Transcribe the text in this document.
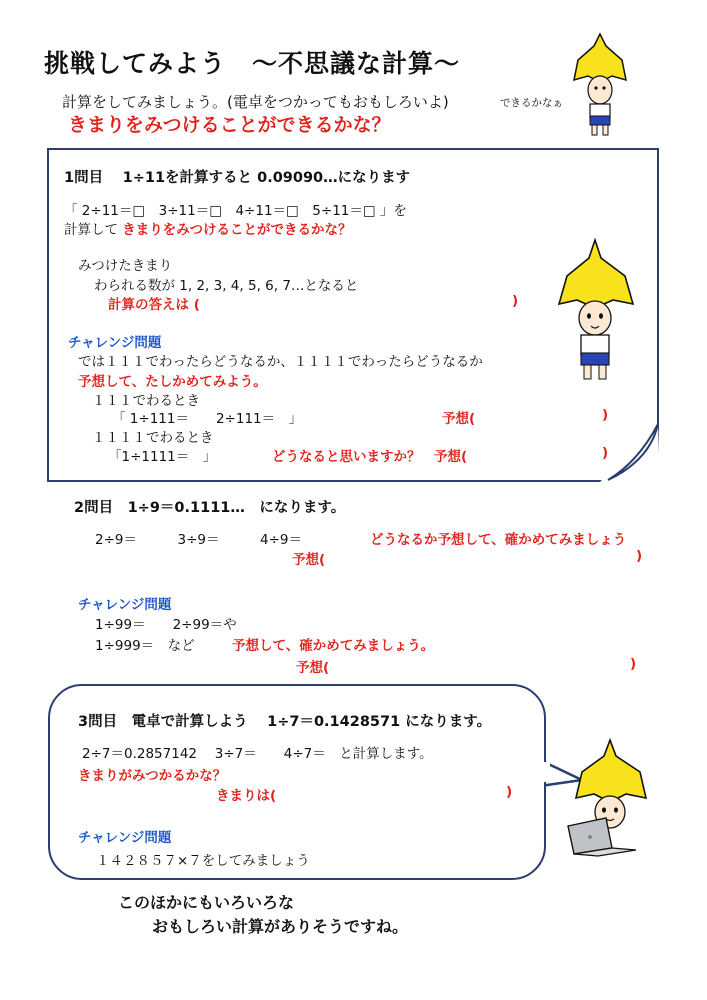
挑戦してみよう　～不思議な計算～
計算をしてみましょう。(電卓をつかってもおもしろいよ)	できるかなぁ
きまりをみつけることができるかな？
1問目　 1÷11を計算すると 0.09090…になります
「 2÷11＝□　3÷11＝□　4÷11＝□　5÷11＝□ 」を
計算して きまりをみつけることができるかな？
みつけたきまり
わられる数が 1, 2, 3, 4, 5, 6, 7…となると
計算の答えは (	)
チャレンジ問題
では１１１でわったらどうなるか、１１１１でわったらどうなるか
予想して、たしかめてみよう。
１１１でわるとき
「 1÷111＝　　2÷111＝　」	予想(	)
１１１１でわるとき
「1÷1111＝　」	どうなると思いますか？　予想(	)
2問目　1÷9＝0.1111…　になります。
2÷9＝　　　3÷9＝　　　4÷9＝	どうなるか予想して、確かめてみましょう
予想(	)
チャレンジ問題
1÷99＝　　2÷99＝や
1÷999＝　など	予想して、確かめてみましょう。
予想(	)
3問目　電卓で計算しよう　 1÷7＝0.1428571 になります。
2÷7＝0.2857142　 3÷7＝　　4÷7＝　と計算します。
きまりがみつかるかな？
きまりは(	)
チャレンジ問題
１４２８５７×７をしてみましょう
このほかにもいろいろな
おもしろい計算がありそうですね。
